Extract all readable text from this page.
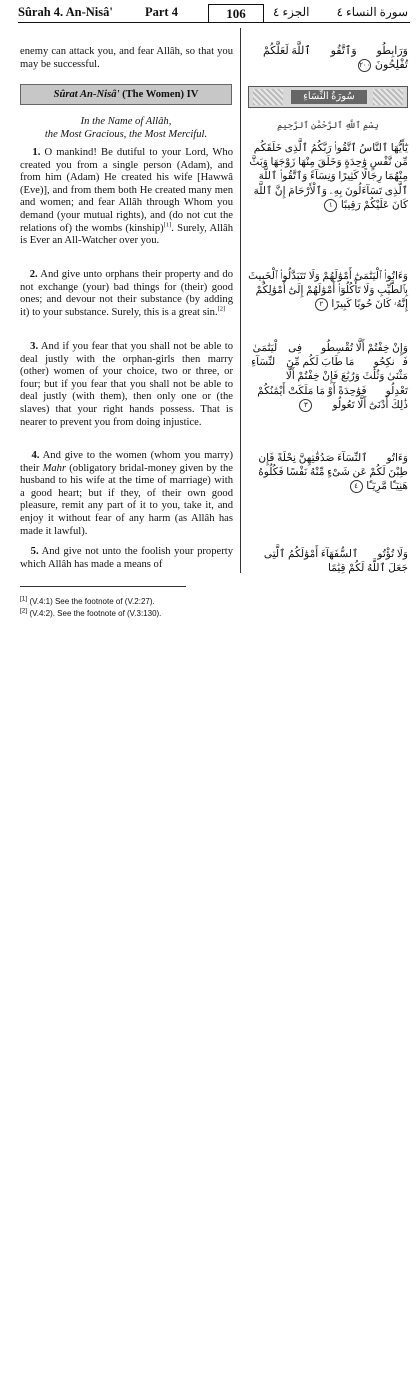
Sûrah 4. An-Nisâ'	Part 4	106	الجزء ٤ سورة النساء ٤

enemy can attack you, and fear Allâh, so that you may be successful.

وَرَابِطُوا۟ وَٱتَّقُوا۟ ٱللَّهَ لَعَلَّكُمْ تُفْلِحُونَ ٢٠٠
Sûrat An-Nisâ' (The Women) IV	سُورَةُ النِّسَاءِ
In the Name of Allâh,
the Most Gracious, the Most Merciful.
بِسْمِ ٱللَّهِ ٱلرَّحْمَٰنِ ٱلرَّحِيمِ
1. O mankind! Be dutiful to your Lord, Who created you from a single person (Adam), and from him (Adam) He created his wife [Hawwâ (Eve)], and from them both He created many men and women; and fear Allâh through Whom you demand (your mutual rights), and (do not cut the relations of) the wombs (kinship)[1]. Surely, Allâh is Ever an All-Watcher over you.
يَٰٓأَيُّهَا ٱلنَّاسُ ٱتَّقُوا۟ رَبَّكُمُ ٱلَّذِى خَلَقَكُم مِّن نَّفْسٍ وَٰحِدَةٍ وَخَلَقَ مِنْهَا زَوْجَهَا وَبَثَّ مِنْهُمَا رِجَالًا كَثِيرًا وَنِسَآءً وَٱتَّقُوا۟ ٱللَّهَ ٱلَّذِى تَسَآءَلُونَ بِهِۦ وَٱلْأَرْحَامَ إِنَّ ٱللَّهَ كَانَ عَلَيْكُمْ رَقِيبًا ١
2. And give unto orphans their property and do not exchange (your) bad things for (their) good ones; and devour not their substance (by adding it) to your substance. Surely, this is a great sin.[2]
وَءَاتُوا۟ ٱلْيَتَٰمَىٰٓ أَمْوَٰلَهُمْ وَلَا تَتَبَدَّلُوا۟ ٱلْخَبِيثَ بِٱلطَّيِّبِ وَلَا تَأْكُلُوٓا۟ أَمْوَٰلَهُمْ إِلَىٰٓ أَمْوَٰلِكُمْ إِنَّهُۥ كَانَ حُوبًا كَبِيرًا ٢
3. And if you fear that you shall not be able to deal justly with the orphan-girls then marry (other) women of your choice, two or three, or four; but if you fear that you shall not be able to deal justly (with them), then only one or (the slaves) that your right hands possess. That is nearer to prevent you from doing injustice.
وَإِنْ خِفْتُمْ أَلَّا تُقْسِطُوا۟ فِى ٱلْيَتَٰمَىٰ فَٱنكِحُوا۟ مَا طَابَ لَكُم مِّنَ ٱلنِّسَآءِ مَثْنَىٰ وَثُلَٰثَ وَرُبَٰعَ فَإِنْ خِفْتُمْ أَلَّا تَعْدِلُوا۟ فَوَٰحِدَةً أَوْ مَا مَلَكَتْ أَيْمَٰنُكُمْ ذَٰلِكَ أَدْنَىٰٓ أَلَّا تَعُولُوا۟ ٣
4. And give to the women (whom you marry) their Mahr (obligatory bridal-money given by the husband to his wife at the time of marriage) with a good heart; but if they, of their own good pleasure, remit any part of it to you, take it, and enjoy it without fear of any harm (as Allâh has made it lawful).
وَءَاتُوا۟ ٱلنِّسَآءَ صَدُقَٰتِهِنَّ نِحْلَةً فَإِن طِبْنَ لَكُمْ عَن شَىْءٍ مِّنْهُ نَفْسًا فَكُلُوهُ هَنِيٓـًٔا مَّرِيٓـًٔا ٤
5. And give not unto the foolish your property which Allâh has made a means of
وَلَا تُؤْتُوا۟ ٱلسُّفَهَآءَ أَمْوَٰلَكُمُ ٱلَّتِى جَعَلَ ٱللَّهُ لَكُمْ قِيَٰمًا
[1] (V.4:1) See the footnote of (V.2:27).
[2] (V.4:2). See the footnote of (V.3:130).
